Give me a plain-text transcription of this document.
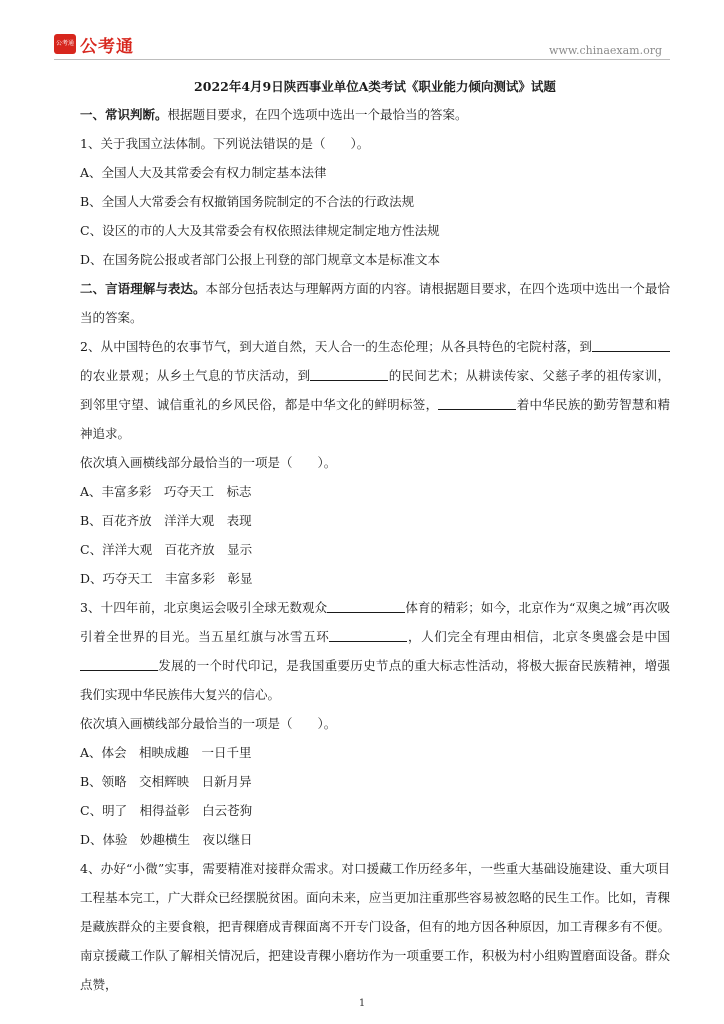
公考通 公考通	www.chinaexam.org

2022年4月9日陕西事业单位A类考试《职业能力倾向测试》试题

一、常识判断。根据题目要求，在四个选项中选出一个最恰当的答案。

1、关于我国立法体制。下列说法错误的是（　　）。

A、全国人大及其常委会有权力制定基本法律

B、全国人大常委会有权撤销国务院制定的不合法的行政法规

C、设区的市的人大及其常委会有权依照法律规定制定地方性法规

D、在国务院公报或者部门公报上刊登的部门规章文本是标准文本

二、言语理解与表达。本部分包括表达与理解两方面的内容。请根据题目要求，在四个选项中选出一个最恰当的答案。

2、从中国特色的农事节气，到大道自然，天人合一的生态伦理；从各具特色的宅院村落，到的农业景观；从乡土气息的节庆活动，到	的民间艺术；从耕读传家、父慈子孝的祖传家训，到邻里守望、诚信重礼的乡风民俗，都是中华文化的鲜明标签，	着中华民族的勤劳智慧和精神追求。

依次填入画横线部分最恰当的一项是（　　）。

A、丰富多彩　巧夺天工　标志

B、百花齐放　洋洋大观　表现

C、洋洋大观　百花齐放　显示

D、巧夺天工　丰富多彩　彰显

3、十四年前，北京奥运会吸引全球无数观众	体育的精彩；如今，北京作为“双奥之城”再次吸引着全世界的目光。当五星红旗与冰雪五环	，人们完全有理由相信，北京冬奥盛会是中国发展的一个时代印记，是我国重要历史节点的重大标志性活动，将极大振奋民族精神，增强我们实现中华民族伟大复兴的信心。

依次填入画横线部分最恰当的一项是（　　）。

A、体会　相映成趣　一日千里

B、领略　交相辉映　日新月异

C、明了　相得益彰　白云苍狗

D、体验　妙趣横生　夜以继日

4、办好“小微”实事，需要精准对接群众需求。对口援藏工作历经多年，一些重大基础设施建设、重大项目工程基本完工，广大群众已经摆脱贫困。面向未来，应当更加注重那些容易被忽略的民生工作。比如，青稞是藏族群众的主要食粮，把青稞磨成青稞面离不开专门设备，但有的地方因各种原因，加工青稞多有不便。南京援藏工作队了解相关情况后，把建设青稞小磨坊作为一项重要工作，积极为村小组购置磨面设备。群众点赞，

1
